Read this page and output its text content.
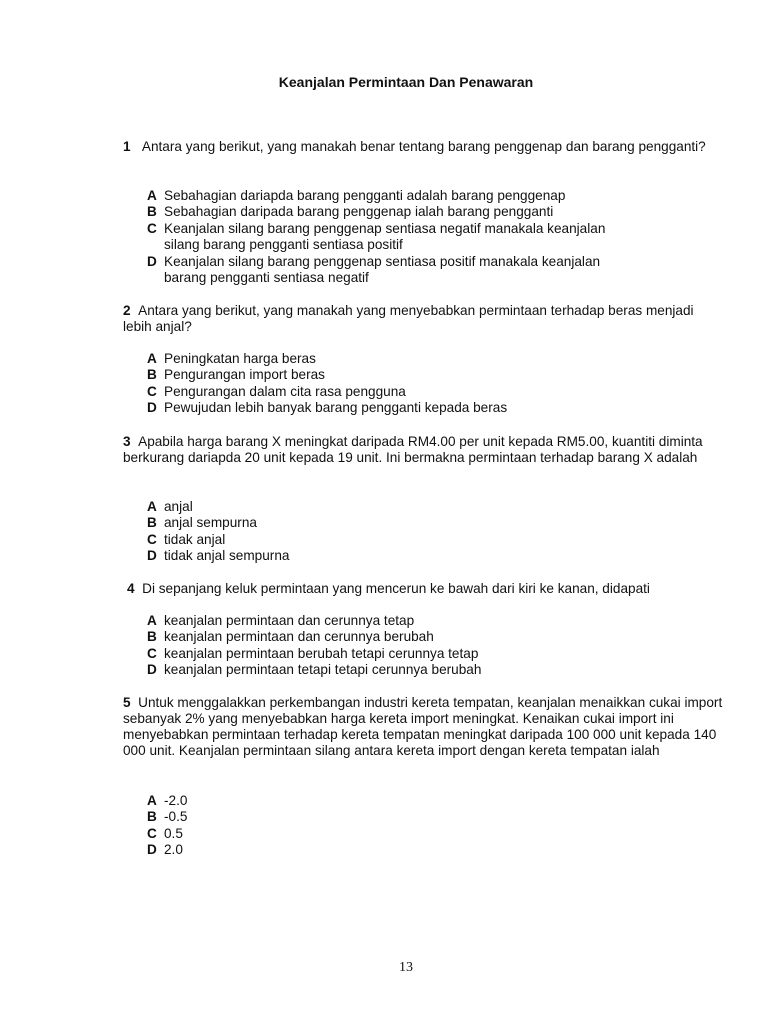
Keanjalan Permintaan Dan Penawaran
1 Antara yang berikut, yang manakah benar tentang barang penggenap dan barang pengganti?
A Sebahagian dariapda barang pengganti adalah barang penggenap
B Sebahagian daripada barang penggenap ialah barang pengganti
C Keanjalan silang barang penggenap sentiasa negatif manakala keanjalan silang barang pengganti sentiasa positif
D Keanjalan silang barang penggenap sentiasa positif manakala keanjalan barang pengganti sentiasa negatif
2 Antara yang berikut, yang manakah yang menyebabkan permintaan terhadap beras menjadi lebih anjal?
A Peningkatan harga beras
B Pengurangan import beras
C Pengurangan dalam cita rasa pengguna
D Pewujudan lebih banyak barang pengganti kepada beras
3 Apabila harga barang X meningkat daripada RM4.00 per unit kepada RM5.00, kuantiti diminta berkurang dariapda 20 unit kepada 19 unit. Ini bermakna permintaan terhadap barang X adalah
A anjal
B anjal sempurna
C tidak anjal
D tidak anjal sempurna
4 Di sepanjang keluk permintaan yang mencerun ke bawah dari kiri ke kanan, didapati
A keanjalan permintaan dan cerunnya tetap
B keanjalan permintaan dan cerunnya berubah
C keanjalan permintaan berubah tetapi cerunnya tetap
D keanjalan permintaan tetapi tetapi cerunnya berubah
5 Untuk menggalakkan perkembangan industri kereta tempatan, keanjalan menaikkan cukai import sebanyak 2% yang menyebabkan harga kereta import meningkat. Kenaikan cukai import ini menyebabkan permintaan terhadap kereta tempatan meningkat daripada 100 000 unit kepada 140 000 unit. Keanjalan permintaan silang antara kereta import dengan kereta tempatan ialah
A -2.0
B -0.5
C 0.5
D 2.0
13
